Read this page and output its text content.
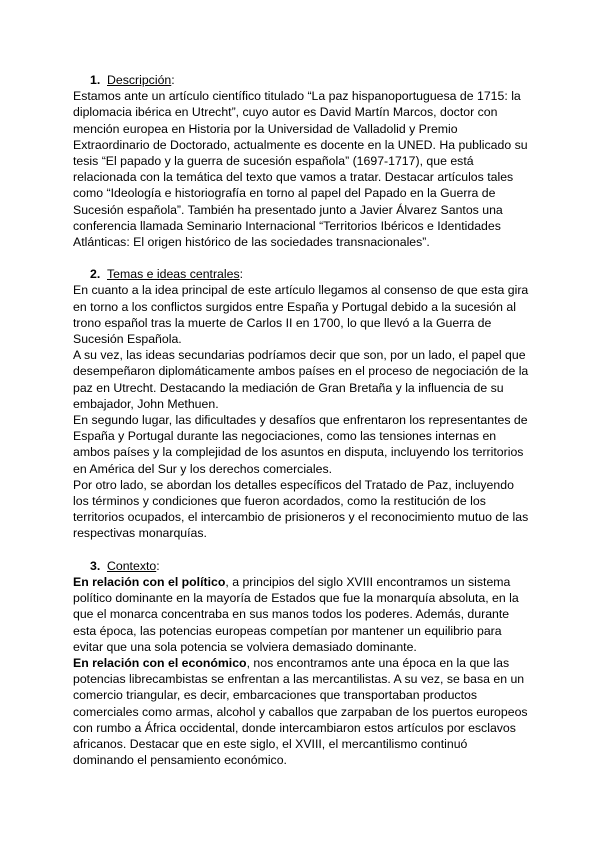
1. Descripción:

Estamos ante un artículo científico titulado “La paz hispanoportuguesa de 1715: la diplomacia ibérica en Utrecht”, cuyo autor es David Martín Marcos, doctor con mención europea en Historia por la Universidad de Valladolid y Premio Extraordinario de Doctorado, actualmente es docente en la UNED. Ha publicado su tesis “El papado y la guerra de sucesión española” (1697-1717), que está relacionada con la temática del texto que vamos a tratar. Destacar artículos tales como “Ideología e historiografía en torno al papel del Papado en la Guerra de Sucesión española”. También ha presentado junto a Javier Álvarez Santos una conferencia llamada Seminario Internacional “Territorios Ibéricos e Identidades Atlánticas: El origen histórico de las sociedades transnacionales”.

2. Temas e ideas centrales:

En cuanto a la idea principal de este artículo llegamos al consenso de que esta gira en torno a los conflictos surgidos entre España y Portugal debido a la sucesión al trono español tras la muerte de Carlos II en 1700, lo que llevó a la Guerra de Sucesión Española.

A su vez, las ideas secundarias podríamos decir que son, por un lado, el papel que desempeñaron diplomáticamente ambos países en el proceso de negociación de la paz en Utrecht. Destacando la mediación de Gran Bretaña y la influencia de su embajador, John Methuen.

En segundo lugar, las dificultades y desafíos que enfrentaron los representantes de España y Portugal durante las negociaciones, como las tensiones internas en ambos países y la complejidad de los asuntos en disputa, incluyendo los territorios en América del Sur y los derechos comerciales.

Por otro lado, se abordan los detalles específicos del Tratado de Paz, incluyendo los términos y condiciones que fueron acordados, como la restitución de los territorios ocupados, el intercambio de prisioneros y el reconocimiento mutuo de las respectivas monarquías.

3. Contexto:

En relación con el político, a principios del siglo XVIII encontramos un sistema político dominante en la mayoría de Estados que fue la monarquía absoluta, en la que el monarca concentraba en sus manos todos los poderes. Además, durante esta época, las potencias europeas competían por mantener un equilibrio para evitar que una sola potencia se volviera demasiado dominante.

En relación con el económico, nos encontramos ante una época en la que las potencias librecambistas se enfrentan a las mercantilistas. A su vez, se basa en un comercio triangular, es decir, embarcaciones que transportaban productos comerciales como armas, alcohol y caballos que zarpaban de los puertos europeos con rumbo a África occidental, donde intercambiaron estos artículos por esclavos africanos. Destacar que en este siglo, el XVIII, el mercantilismo continuó dominando el pensamiento económico.
